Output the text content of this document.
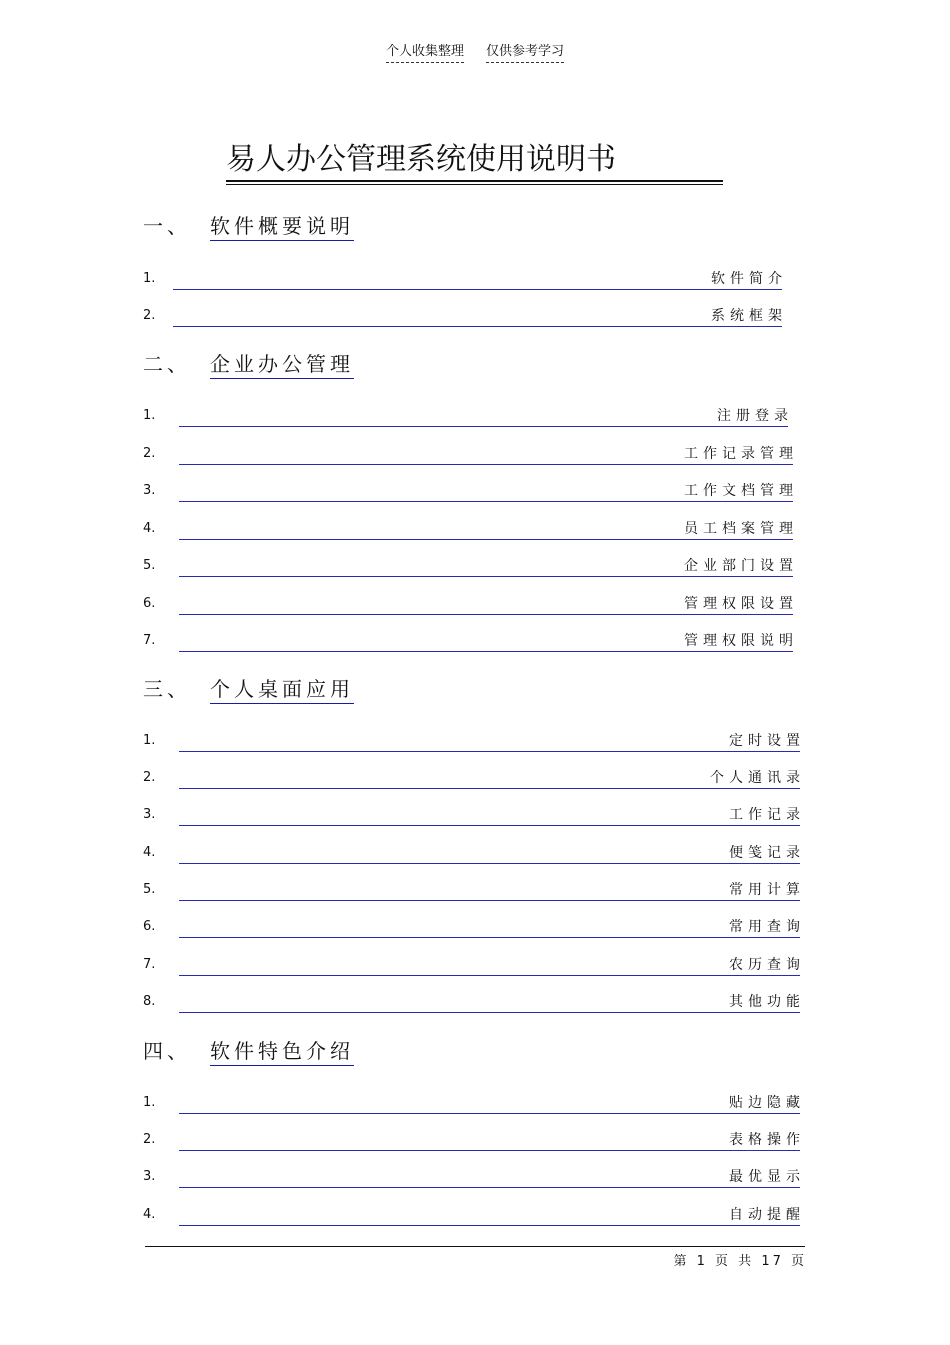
个人收集整理 仅供参考学习
易人办公管理系统使用说明书
一、 软件概要说明
1.	软件简介
2.	系统框架
二、 企业办公管理
1.	注册登录
2.	工作记录管理
3.	工作文档管理
4.	员工档案管理
5.	企业部门设置
6.	管理权限设置
7.	管理权限说明
三、 个人桌面应用
1.	定时设置
2.	个人通讯录
3.	工作记录
4.	便笺记录
5.	常用计算
6.	常用查询
7.	农历查询
8.	其他功能
四、 软件特色介绍
1.	贴边隐藏
2.	表格操作
3.	最优显示
4.	自动提醒
第 1 页 共 17 页
